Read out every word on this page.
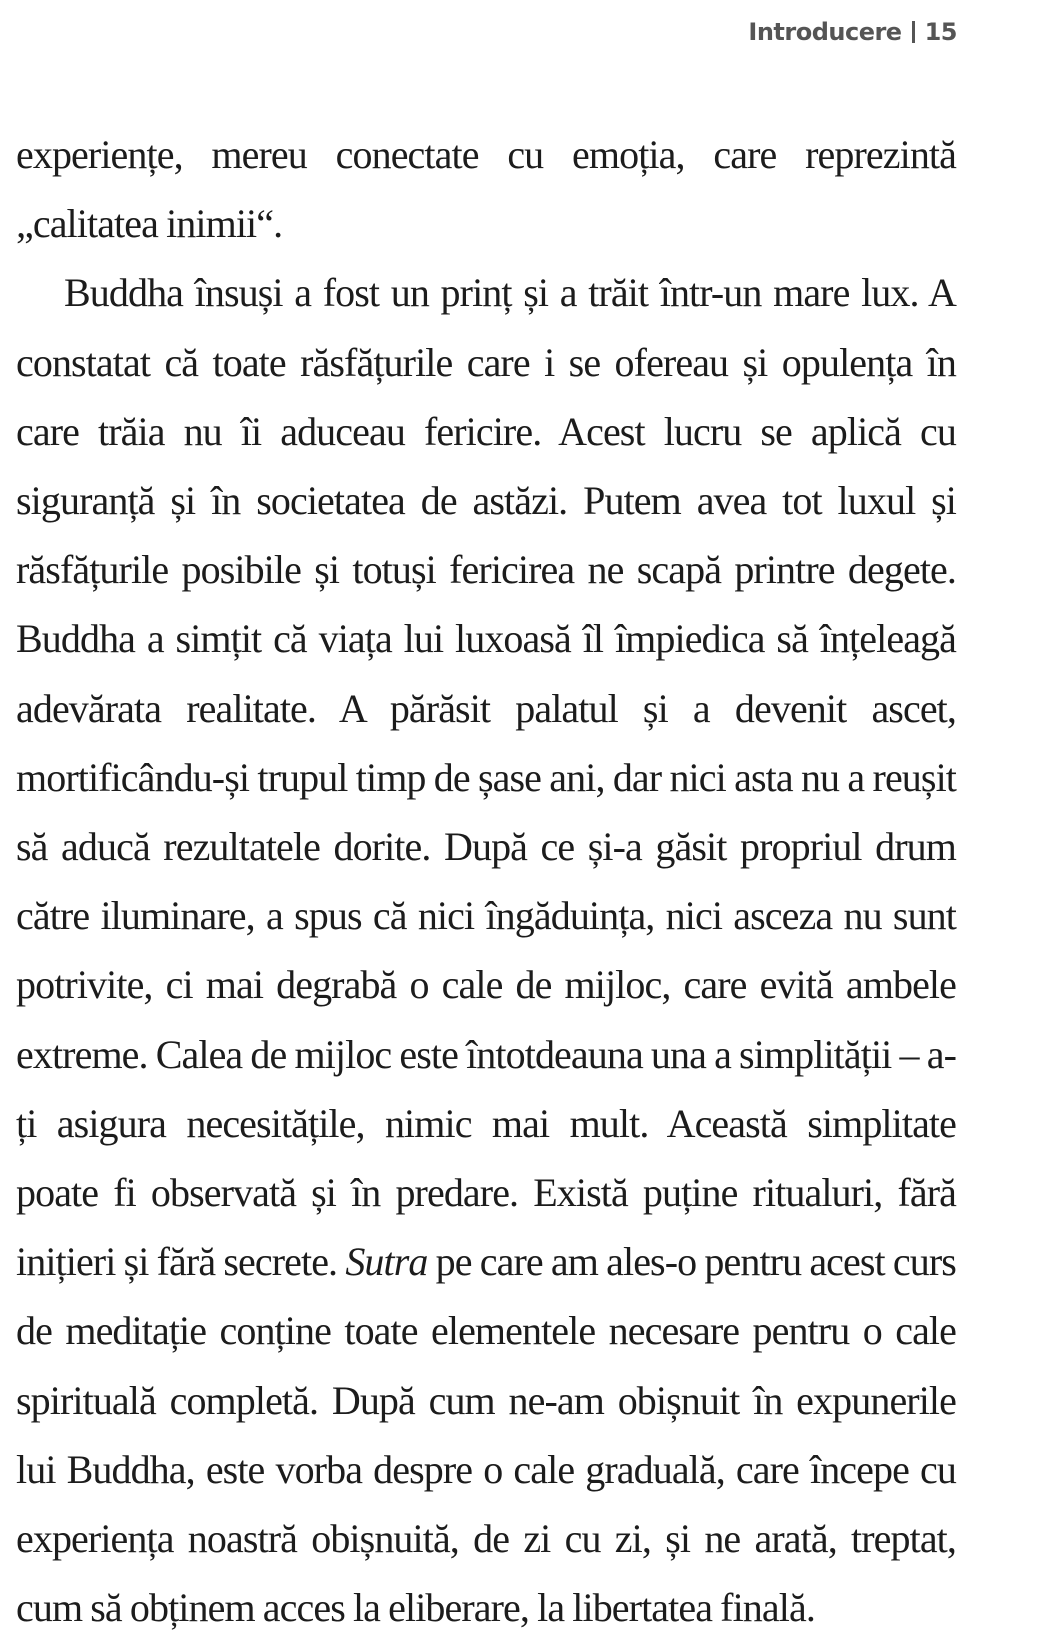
Introducere 15

experiențe, mereu conectate cu emoția, care reprezintă „calitatea inimii“.

Buddha însuși a fost un prinț și a trăit într-un mare lux. A constatat că toate răsfățurile care i se ofereau și opulența în care trăia nu îi aduceau fericire. Acest lucru se aplică cu siguranță și în societatea de astăzi. Putem avea tot luxul și răsfățurile posibile și totuși fericirea ne scapă printre degete. Buddha a simțit că viața lui luxoasă îl împiedica să înțeleagă adevărata realitate. A părăsit palatul și a devenit ascet, mortificându-și trupul timp de șase ani, dar nici asta nu a reușit să aducă rezultatele dorite. După ce și-a găsit propriul drum către iluminare, a spus că nici îngăduința, nici asceza nu sunt potrivite, ci mai degrabă o cale de mijloc, care evită ambele extreme. Calea de mijloc este întotdeauna una a simplității – a-ți asigura necesitățile, nimic mai mult. Această simplitate poate fi observată și în predare. Există puține ritualuri, fără inițieri și fără secrete. Sutra pe care am ales-o pentru acest curs de meditație conține toate elementele necesare pentru o cale spirituală completă. După cum ne-am obișnuit în expunerile lui Buddha, este vorba despre o cale graduală, care începe cu experiența noastră obișnuită, de zi cu zi, și ne arată, treptat, cum să obținem acces la eliberare, la libertatea finală.
